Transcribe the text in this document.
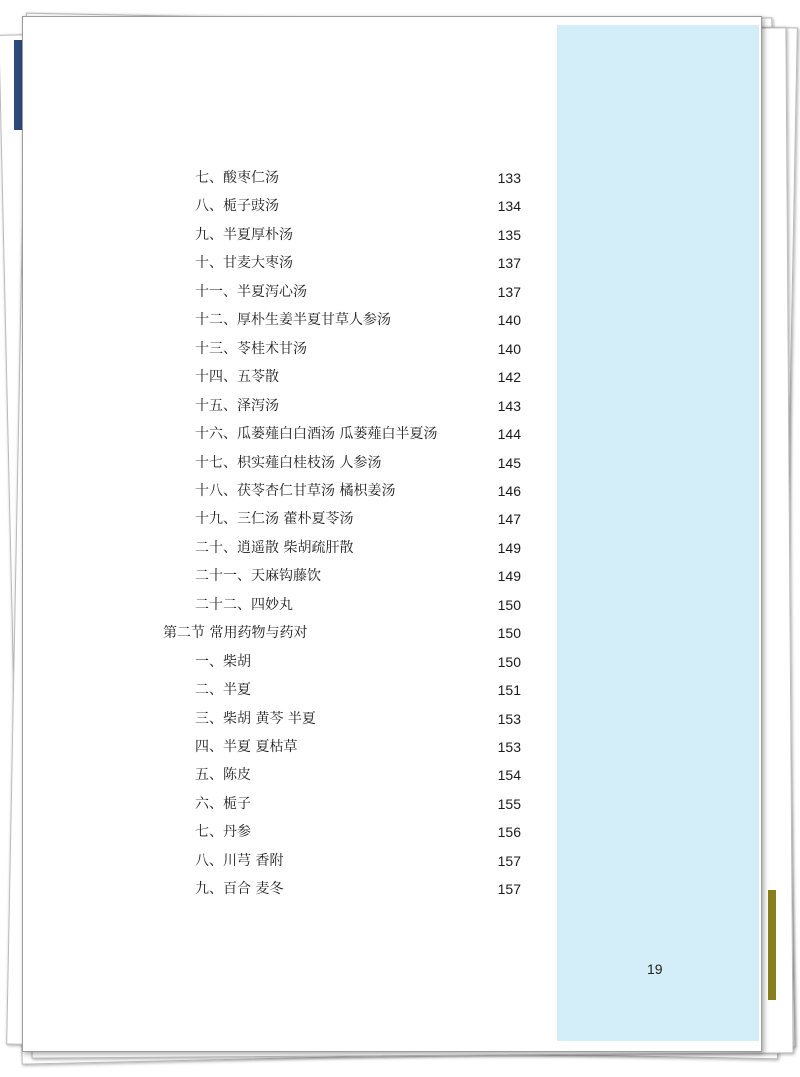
19
七、酸枣仁汤	133
八、栀子豉汤	134
九、半夏厚朴汤	135
十、甘麦大枣汤	137
十一、半夏泻心汤	137
十二、厚朴生姜半夏甘草人参汤	140
十三、苓桂术甘汤	140
十四、五苓散	142
十五、泽泻汤	143
十六、瓜蒌薤白白酒汤 瓜蒌薤白半夏汤	144
十七、枳实薤白桂枝汤 人参汤	145
十八、茯苓杏仁甘草汤 橘枳姜汤	146
十九、三仁汤 藿朴夏苓汤	147
二十、逍遥散 柴胡疏肝散	149
二十一、天麻钩藤饮	149
二十二、四妙丸	150
第二节 常用药物与药对	150
一、柴胡	150
二、半夏	151
三、柴胡 黄芩 半夏	153
四、半夏 夏枯草	153
五、陈皮	154
六、栀子	155
七、丹参	156
八、川芎 香附	157
九、百合 麦冬	157
